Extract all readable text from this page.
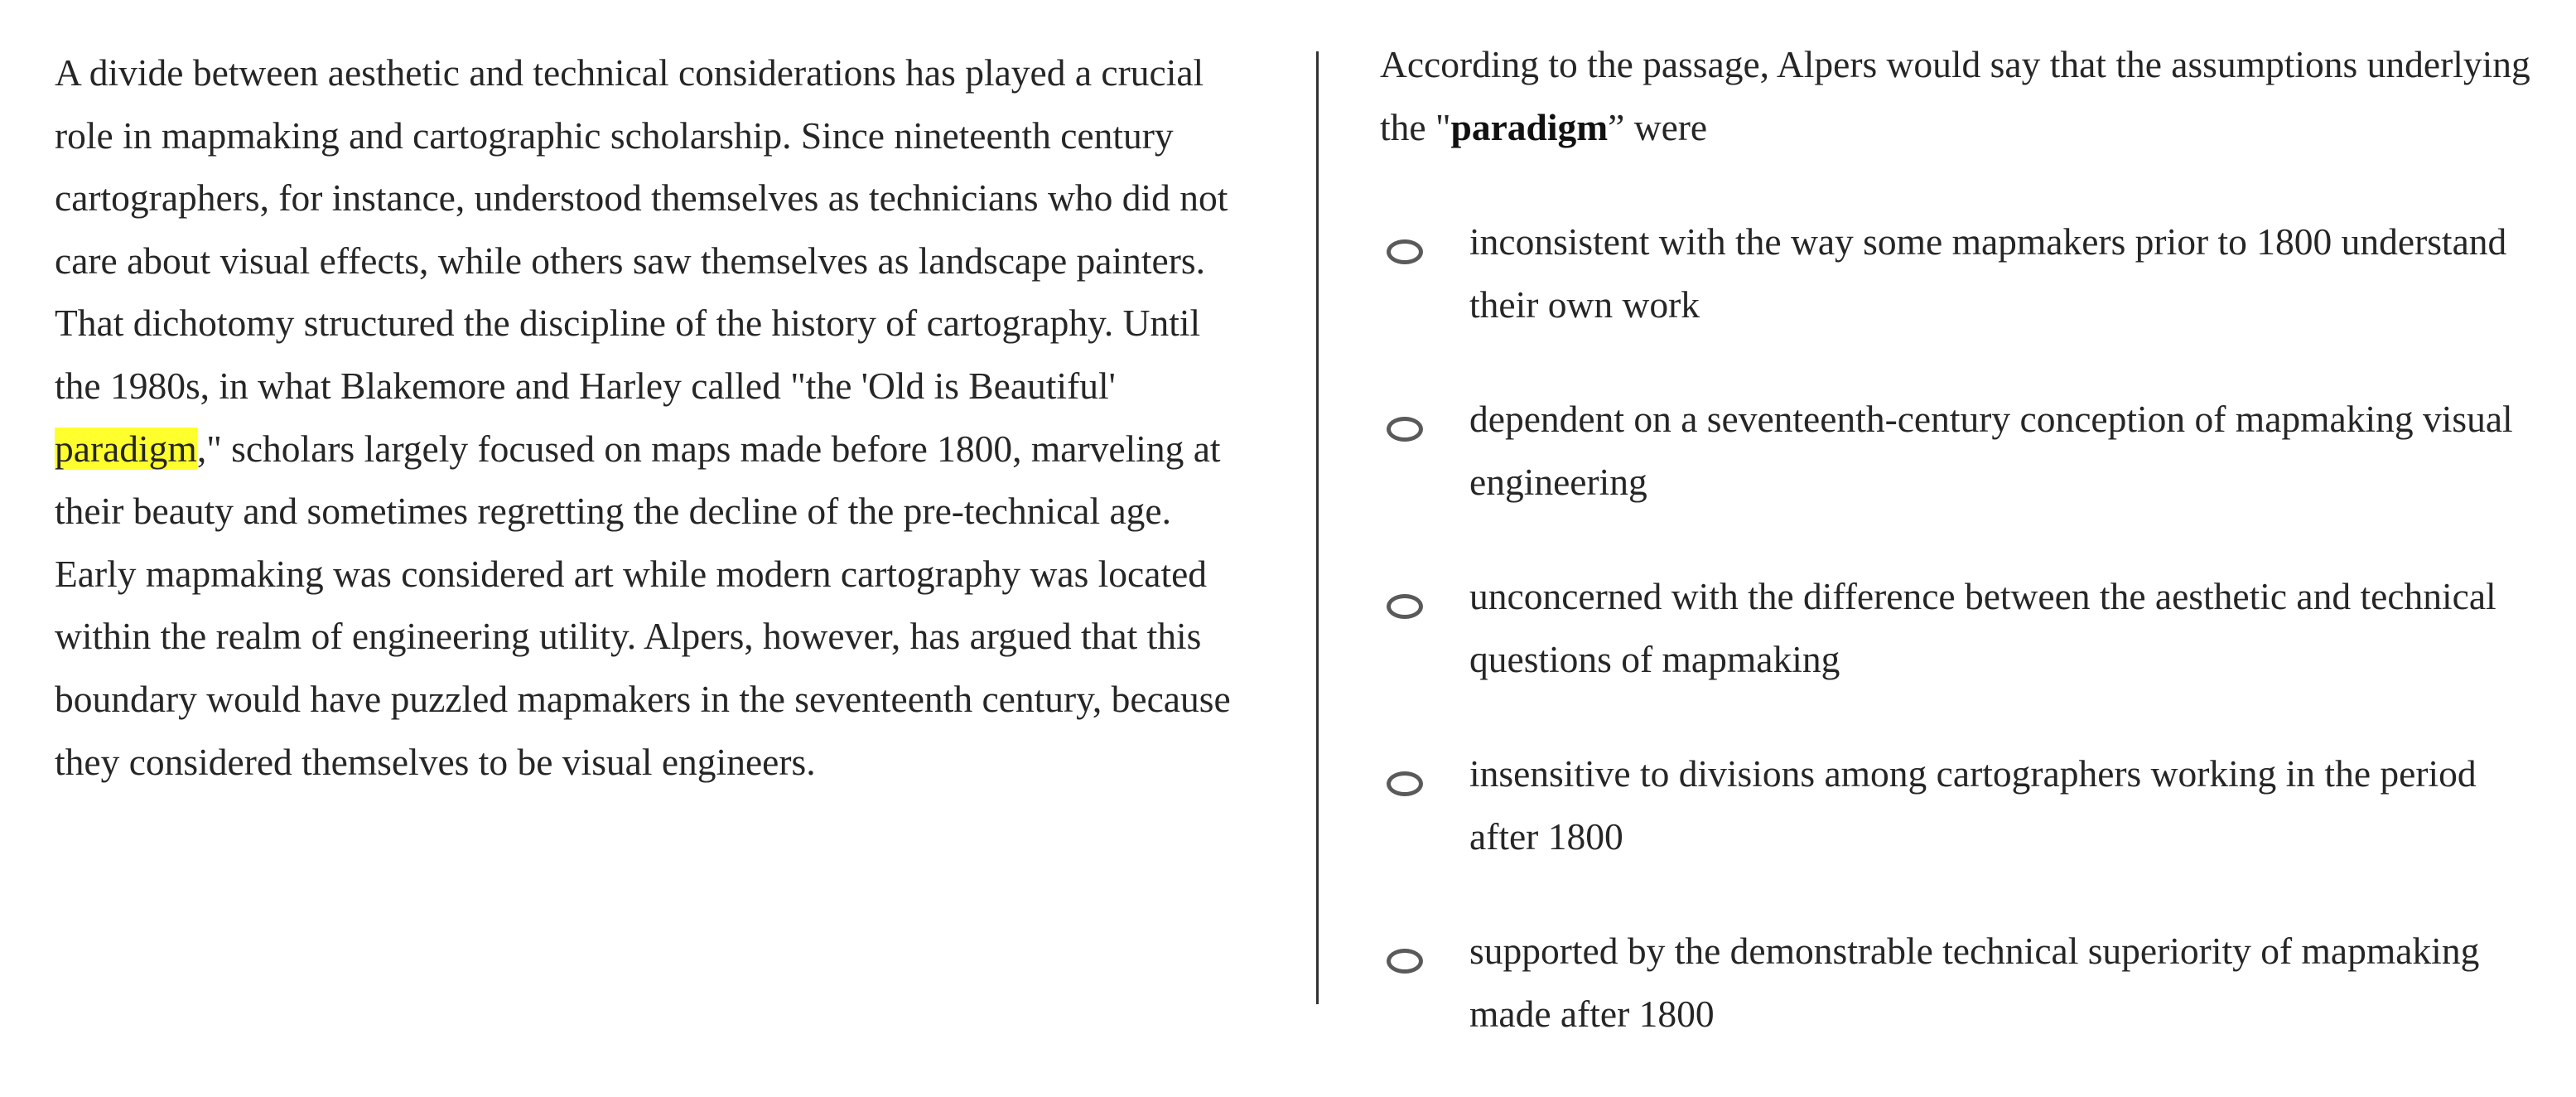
A divide between aesthetic and technical considerations has played a crucial role in mapmaking and cartographic scholarship. Since nineteenth century cartographers, for instance, understood themselves as technicians who did not care about visual effects, while others saw themselves as landscape painters. That dichotomy structured the discipline of the history of cartography. Until the 1980s, in what Blakemore and Harley called "the 'Old is Beautiful' paradigm," scholars largely focused on maps made before 1800, marveling at their beauty and sometimes regretting the decline of the pre-technical age. Early mapmaking was considered art while modern cartography was located within the realm of engineering utility. Alpers, however, has argued that this boundary would have puzzled mapmakers in the seventeenth century, because they considered themselves to be visual engineers.

According to the passage, Alpers would say that the assumptions underlying the "paradigm” were

inconsistent with the way some mapmakers prior to 1800 understand their own work
dependent on a seventeenth-century conception of mapmaking visual engineering
unconcerned with the difference between the aesthetic and technical questions of mapmaking
insensitive to divisions among cartographers working in the period after 1800
supported by the demonstrable technical superiority of mapmaking made after 1800
